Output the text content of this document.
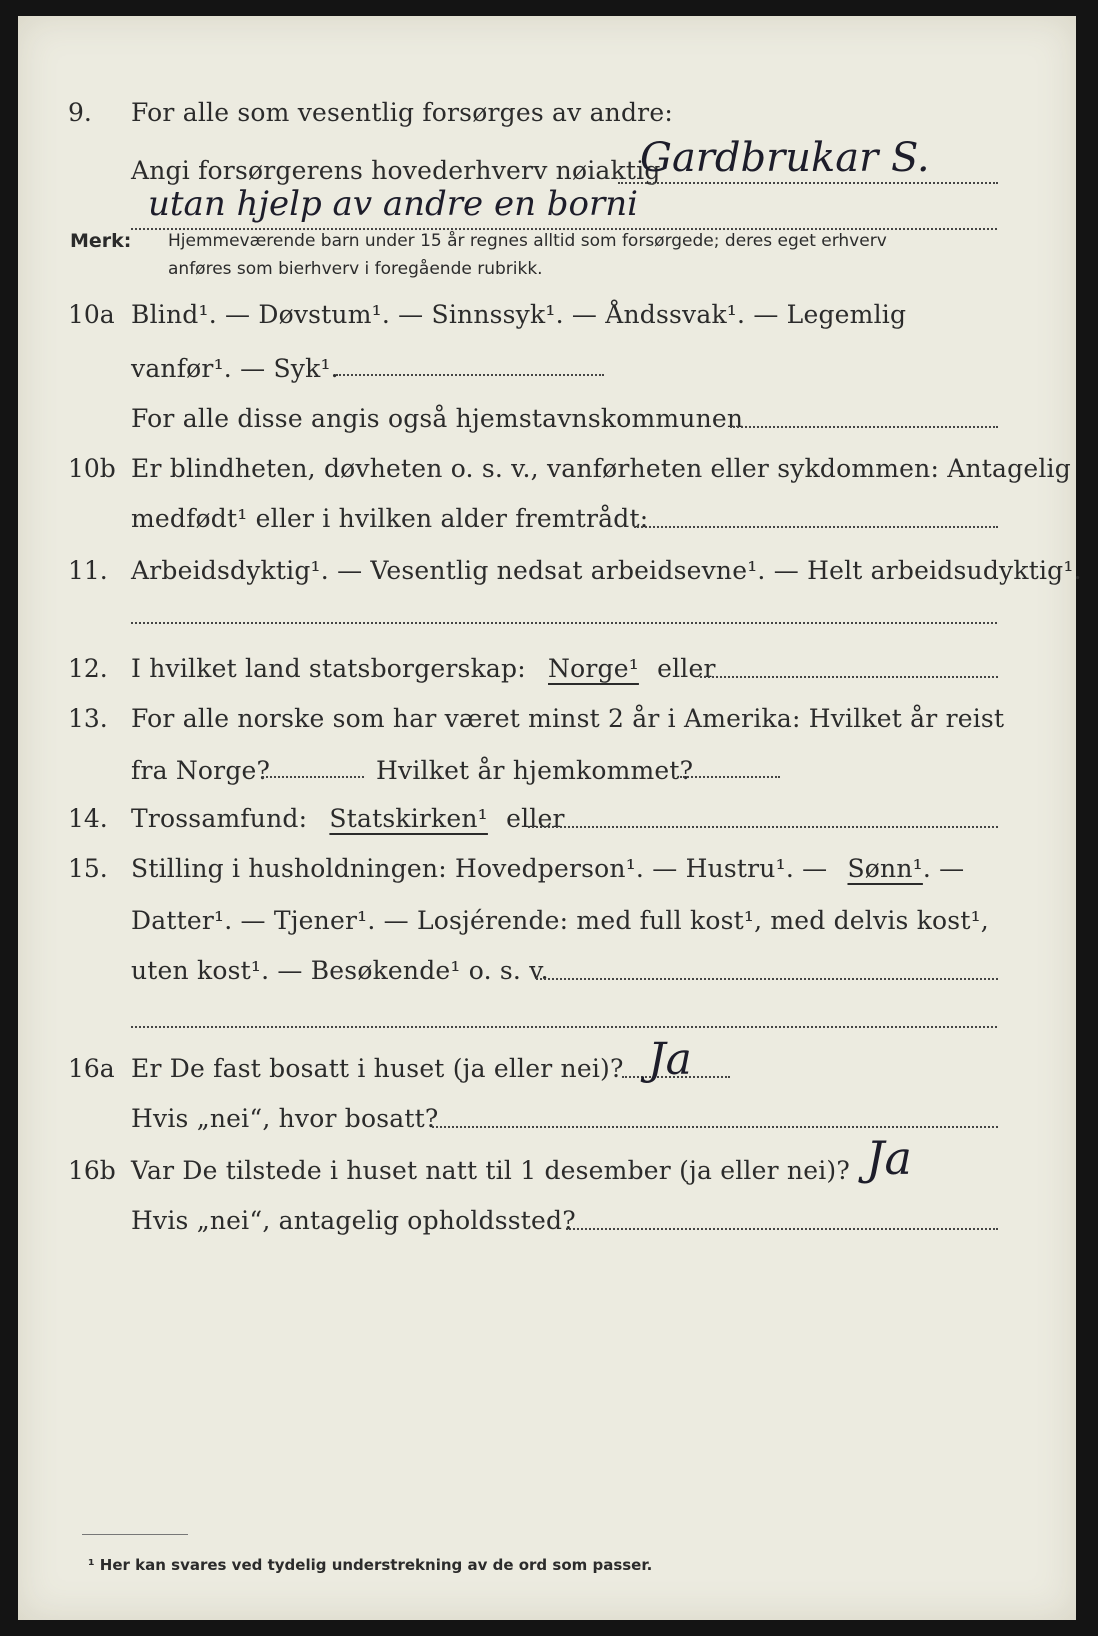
9. For alle som vesentlig forsørges av andre:
Angi forsørgerens hovederhverv nøiaktig
Gardbrukar S.
utan hjelp av andre en borni
Merk: Hjemmeværende barn under 15 år regnes alltid som forsørgede; deres eget erhverv
anføres som bierhverv i foregående rubrikk.
10a Blind¹. — Døvstum¹. — Sinnssyk¹. — Åndssvak¹. — Legemlig
vanfør¹. — Syk¹.
For alle disse angis også hjemstavnskommunen
10b Er blindheten, døvheten o. s. v., vanførheten eller sykdommen: Antagelig
medfødt¹ eller i hvilken alder fremtrådt:
11. Arbeidsdyktig¹. — Vesentlig nedsat arbeidsevne¹. — Helt arbeidsudyktig¹.
12. I hvilket land statsborgerskap: Norge¹ eller
13. For alle norske som har været minst 2 år i Amerika: Hvilket år reist
fra Norge?	Hvilket år hjemkommet?
14. Trossamfund: Statskirken¹ eller
15. Stilling i husholdningen: Hovedperson¹. — Hustru¹. — Sønn¹. —
Datter¹. — Tjener¹. — Losjérende: med full kost¹, med delvis kost¹,
uten kost¹. — Besøkende¹ o. s. v.
16a Er De fast bosatt i huset (ja eller nei)? Ja
Hvis „nei“, hvor bosatt?
16b Var De tilstede i huset natt til 1 desember (ja eller nei)? Ja
Hvis „nei“, antagelig opholdssted?
¹ Her kan svares ved tydelig understrekning av de ord som passer.
